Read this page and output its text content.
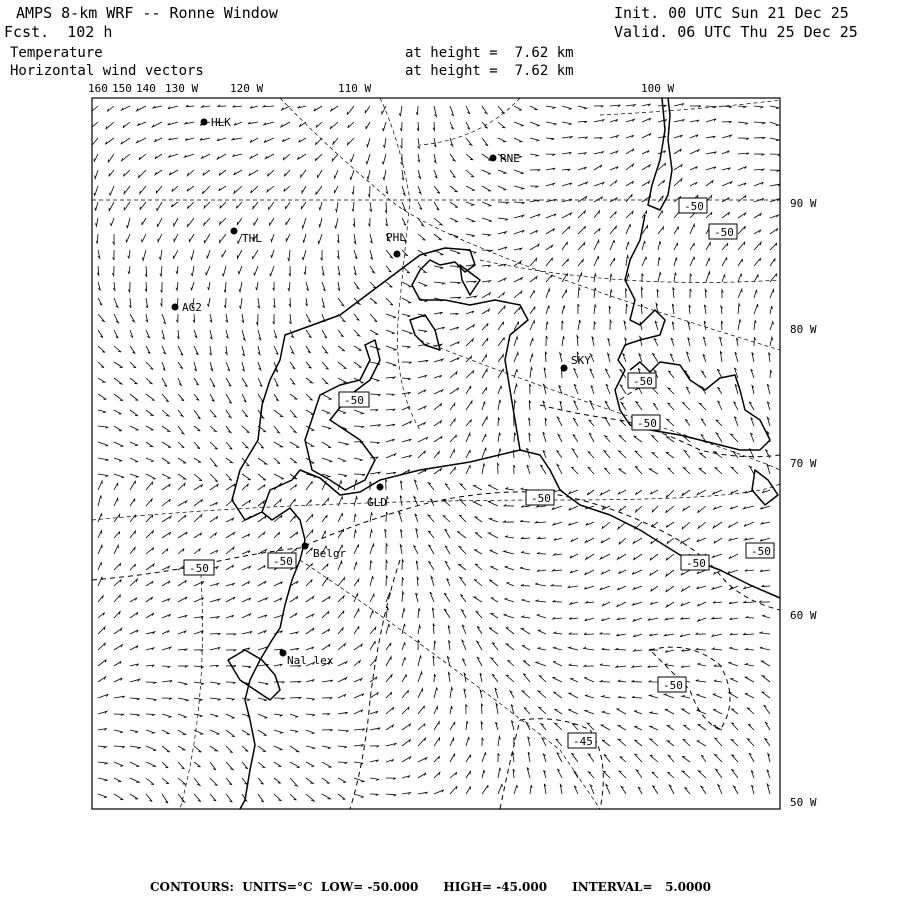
AMPS 8-km WRF -- Ronne Window
Fcst.  102 h
Temperature
Horizontal wind vectors
at height =  7.62 km
at height =  7.62 km
Init. 00 UTC Sun 21 Dec 25
Valid. 06 UTC Thu 25 Dec 25
160 150 140 130 W	120 W	110 W	100 W
90 W
80 W
70 W
60 W
50 W
HLK
RNE
THL	PHL
AG2
SKY
GLD
Belgr
Nal lex
-50
-50
-50
-50
-50
-50
-50
-50	-50
-50
-50
-45
CONTOURS:  UNITS=°C  LOW= -50.000      HIGH= -45.000      INTERVAL=   5.0000
